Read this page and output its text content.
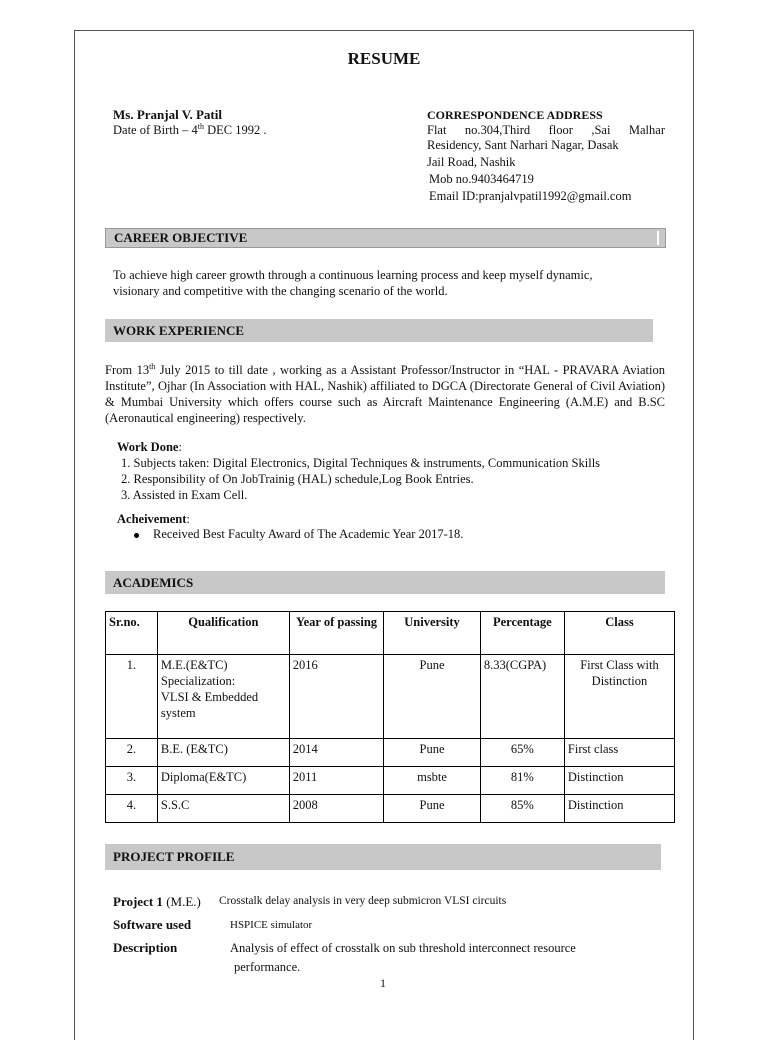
RESUME
Ms. Pranjal V. Patil
Date of Birth – 4th DEC 1992 .
CORRESPONDENCE ADDRESS
Flat no.304,Third floor ,Sai Malhar
Residency, Sant Narhari Nagar, Dasak
Jail Road, Nashik
Mob no.9403464719
Email ID:pranjalvpatil1992@gmail.com
CAREER OBJECTIVE
To achieve high career growth through a continuous learning process and keep myself dynamic,
visionary and competitive with the changing scenario of the world.
WORK EXPERIENCE
From 13th July 2015 to till date , working as a Assistant Professor/Instructor in “HAL - PRAVARA Aviation Institute”, Ojhar (In Association with HAL, Nashik) affiliated to DGCA (Directorate General of Civil Aviation) & Mumbai University which offers course such as Aircraft Maintenance Engineering (A.M.E) and B.SC (Aeronautical engineering) respectively.
Work Done:
1. Subjects taken: Digital Electronics, Digital Techniques & instruments, Communication Skills
2. Responsibility of On JobTrainig (HAL) schedule,Log Book Entries.
3. Assisted in Exam Cell.
Acheivement:
Received Best Faculty Award of The Academic Year 2017-18.
ACADEMICS
Sr.no.	Qualification	Year of passing	University	Percentage	Class
1.	M.E.(E&TC)
Specialization:
VLSI & Embedded
system	2016	Pune	8.33(CGPA)	First Class with Distinction
2.	B.E. (E&TC)	2014	Pune	65%	First class
3.	Diploma(E&TC)	2011	msbte	81%	Distinction
4.	S.S.C	2008	Pune	85%	Distinction
PROJECT PROFILE
Project 1 (M.E.) Crosstalk delay analysis in very deep submicron VLSI circuits
Software used	HSPICE simulator
Description	Analysis of effect of crosstalk on sub threshold interconnect resource
performance.
1
